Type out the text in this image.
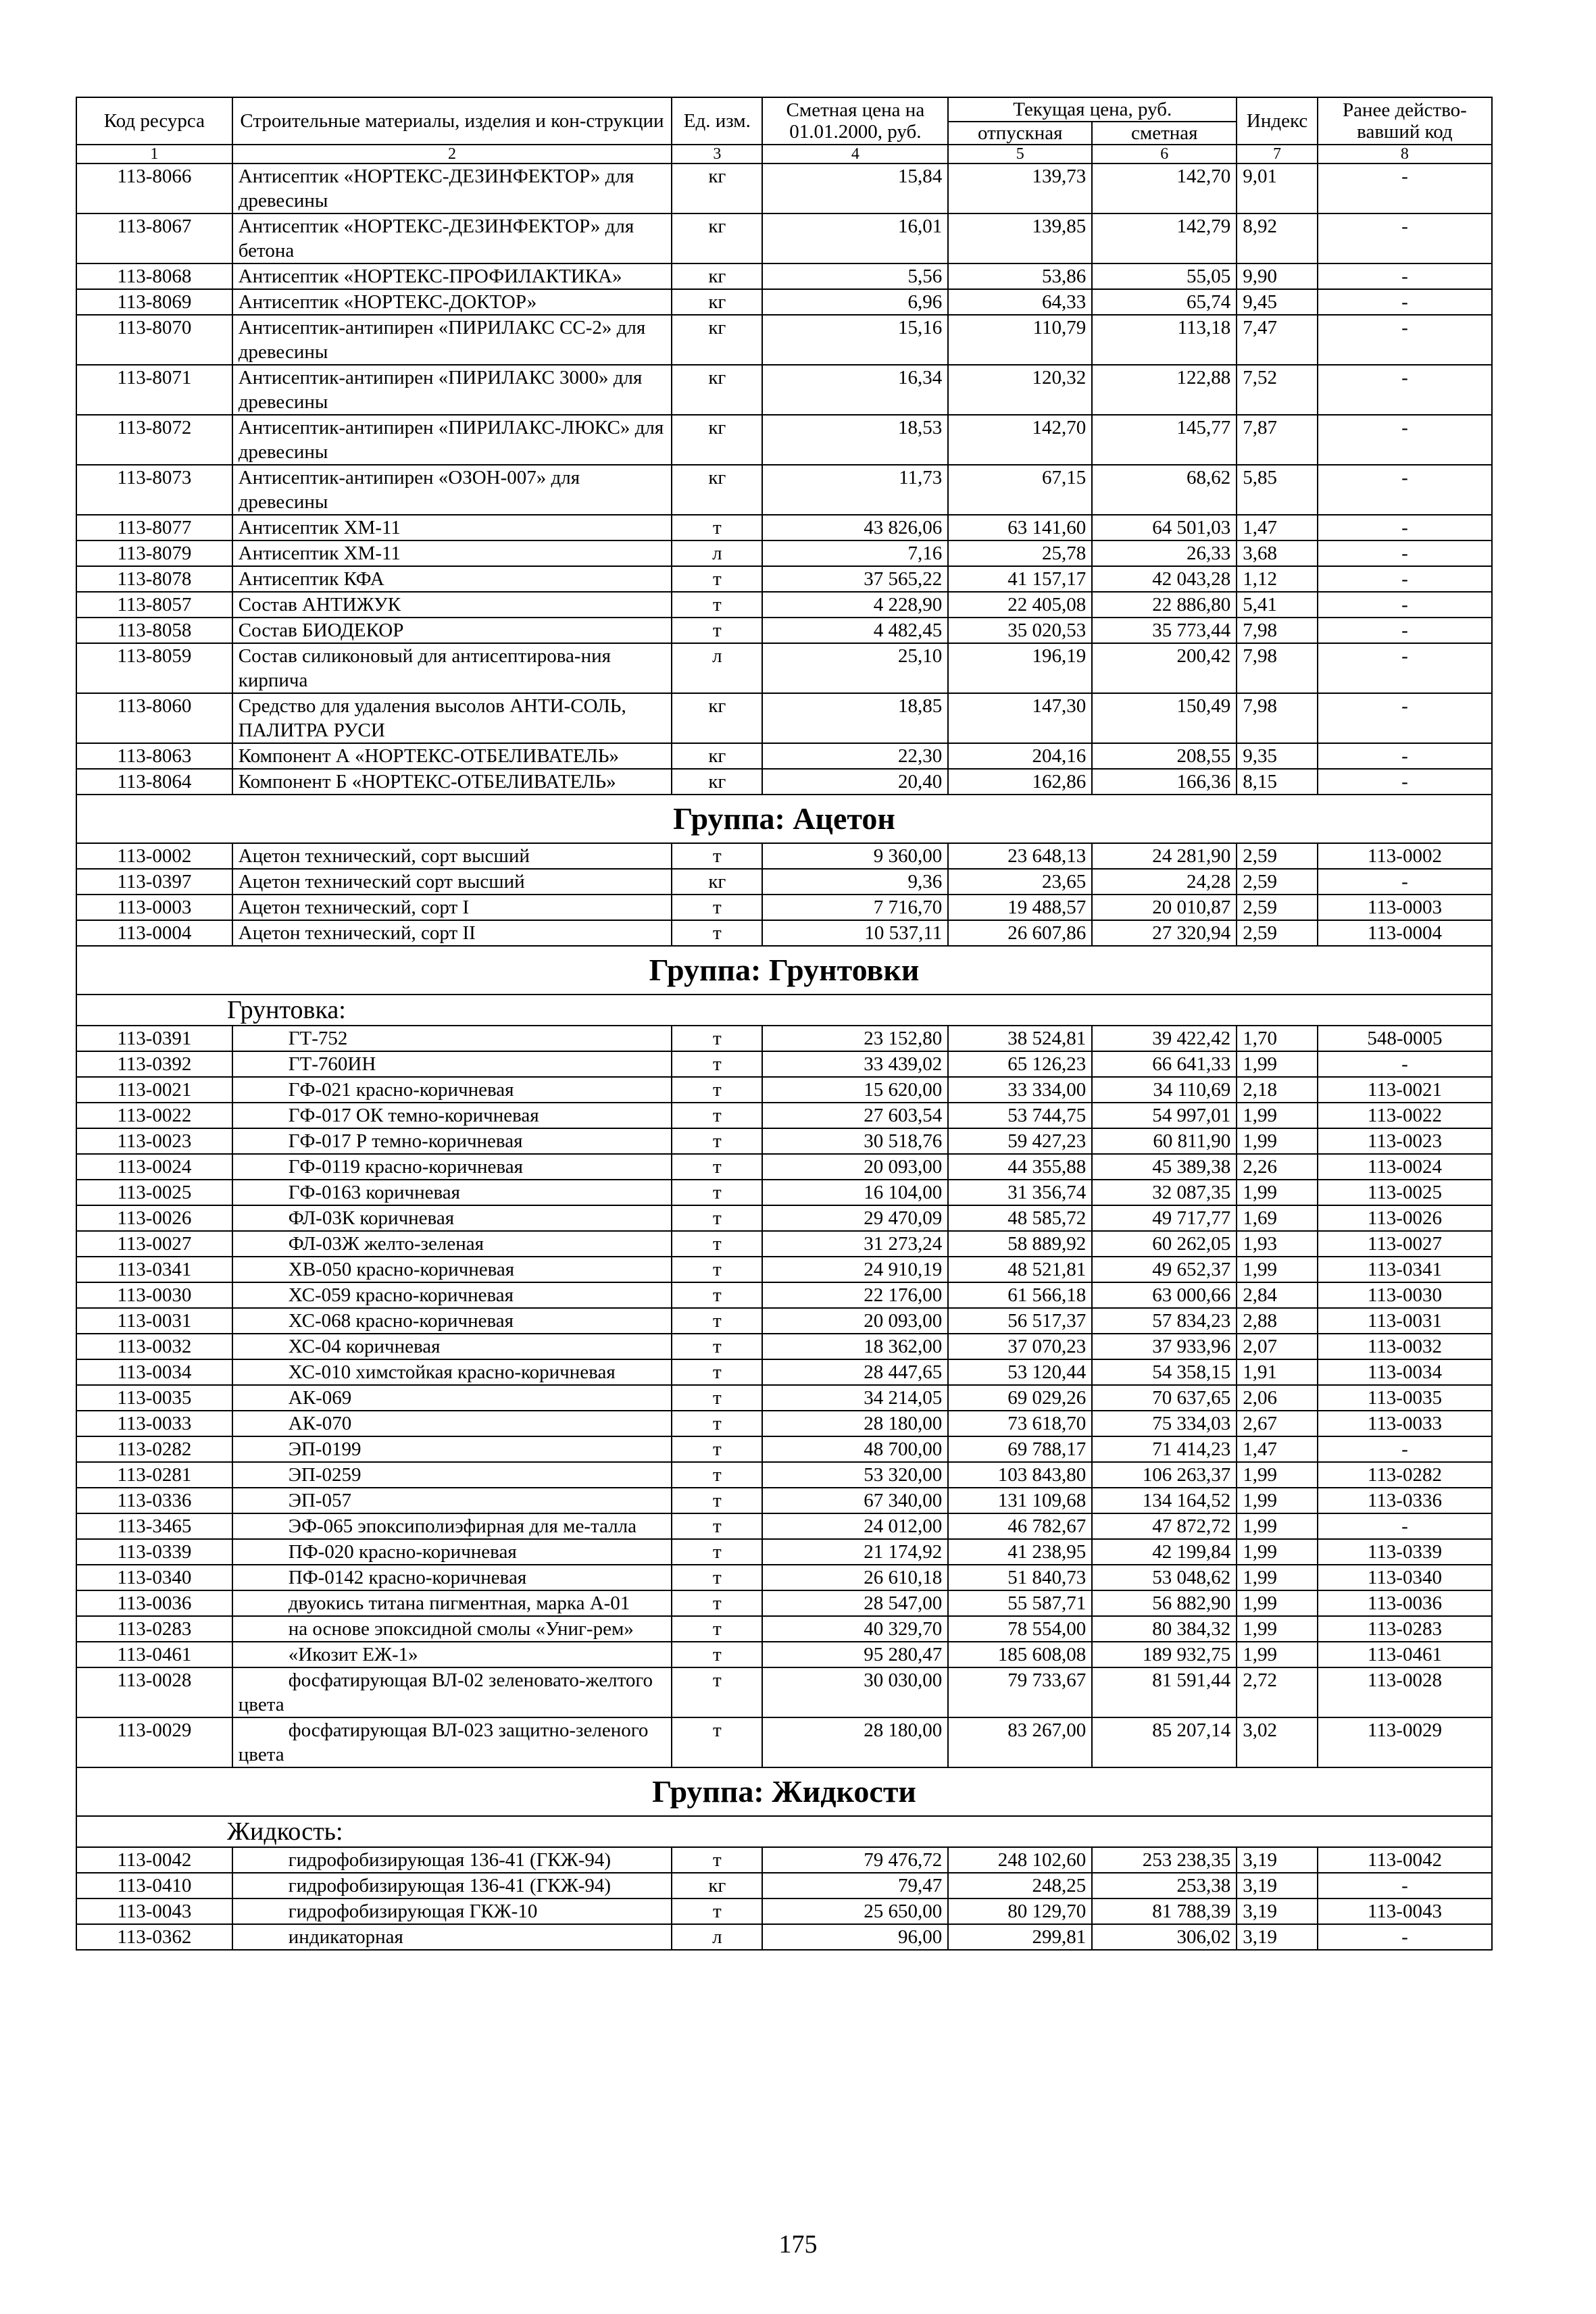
Код ресурса	Строительные материалы, изделия и кон-струкции	Ед. изм.	Сметная цена на 01.01.2000, руб.	Текущая цена, руб.		Индекс	Ранее действо-вавший код
				отпускная	сметная		
1	2	3	4	5	6	7	8
113-8066	Антисептик «НОРТЕКС-ДЕЗИНФЕКТОР» для древесины	кг	15,84	139,73	142,70	9,01	-
113-8067	Антисептик «НОРТЕКС-ДЕЗИНФЕКТОР» для бетона	кг	16,01	139,85	142,79	8,92	-
113-8068	Антисептик «НОРТЕКС-ПРОФИЛАКТИКА»	кг	5,56	53,86	55,05	9,90	-
113-8069	Антисептик «НОРТЕКС-ДОКТОР»	кг	6,96	64,33	65,74	9,45	-
113-8070	Антисептик-антипирен «ПИРИЛАКС СС-2» для древесины	кг	15,16	110,79	113,18	7,47	-
113-8071	Антисептик-антипирен «ПИРИЛАКС 3000» для древесины	кг	16,34	120,32	122,88	7,52	-
113-8072	Антисептик-антипирен «ПИРИЛАКС-ЛЮКС» для древесины	кг	18,53	142,70	145,77	7,87	-
113-8073	Антисептик-антипирен «ОЗОН-007» для древесины	кг	11,73	67,15	68,62	5,85	-
113-8077	Антисептик ХМ-11	т	43 826,06	63 141,60	64 501,03	1,47	-
113-8079	Антисептик ХМ-11	л	7,16	25,78	26,33	3,68	-
113-8078	Антисептик КФА	т	37 565,22	41 157,17	42 043,28	1,12	-
113-8057	Состав АНТИЖУК	т	4 228,90	22 405,08	22 886,80	5,41	-
113-8058	Состав БИОДЕКОР	т	4 482,45	35 020,53	35 773,44	7,98	-
113-8059	Состав силиконовый для антисептирова-ния кирпича	л	25,10	196,19	200,42	7,98	-
113-8060	Средство для удаления высолов АНТИ-СОЛЬ, ПАЛИТРА РУСИ	кг	18,85	147,30	150,49	7,98	-
113-8063	Компонент А «НОРТЕКС-ОТБЕЛИВАТЕЛЬ»	кг	22,30	204,16	208,55	9,35	-
113-8064	Компонент Б «НОРТЕКС-ОТБЕЛИВАТЕЛЬ»	кг	20,40	162,86	166,36	8,15	-
Группа: Ацетон							
113-0002	Ацетон технический, сорт высший	т	9 360,00	23 648,13	24 281,90	2,59	113-0002
113-0397	Ацетон технический сорт высший	кг	9,36	23,65	24,28	2,59	-
113-0003	Ацетон технический, сорт I	т	7 716,70	19 488,57	20 010,87	2,59	113-0003
113-0004	Ацетон технический, сорт II	т	10 537,11	26 607,86	27 320,94	2,59	113-0004
Группа: Грунтовки							
Грунтовка:							
113-0391	ГТ-752	т	23 152,80	38 524,81	39 422,42	1,70	548-0005
113-0392	ГТ-760ИН	т	33 439,02	65 126,23	66 641,33	1,99	-
113-0021	ГФ-021 красно-коричневая	т	15 620,00	33 334,00	34 110,69	2,18	113-0021
113-0022	ГФ-017 ОК темно-коричневая	т	27 603,54	53 744,75	54 997,01	1,99	113-0022
113-0023	ГФ-017 Р темно-коричневая	т	30 518,76	59 427,23	60 811,90	1,99	113-0023
113-0024	ГФ-0119 красно-коричневая	т	20 093,00	44 355,88	45 389,38	2,26	113-0024
113-0025	ГФ-0163 коричневая	т	16 104,00	31 356,74	32 087,35	1,99	113-0025
113-0026	ФЛ-03К коричневая	т	29 470,09	48 585,72	49 717,77	1,69	113-0026
113-0027	ФЛ-03Ж желто-зеленая	т	31 273,24	58 889,92	60 262,05	1,93	113-0027
113-0341	ХВ-050 красно-коричневая	т	24 910,19	48 521,81	49 652,37	1,99	113-0341
113-0030	ХС-059 красно-коричневая	т	22 176,00	61 566,18	63 000,66	2,84	113-0030
113-0031	ХС-068 красно-коричневая	т	20 093,00	56 517,37	57 834,23	2,88	113-0031
113-0032	ХС-04 коричневая	т	18 362,00	37 070,23	37 933,96	2,07	113-0032
113-0034	ХС-010 химстойкая красно-коричневая	т	28 447,65	53 120,44	54 358,15	1,91	113-0034
113-0035	АК-069	т	34 214,05	69 029,26	70 637,65	2,06	113-0035
113-0033	АК-070	т	28 180,00	73 618,70	75 334,03	2,67	113-0033
113-0282	ЭП-0199	т	48 700,00	69 788,17	71 414,23	1,47	-
113-0281	ЭП-0259	т	53 320,00	103 843,80	106 263,37	1,99	113-0282
113-0336	ЭП-057	т	67 340,00	131 109,68	134 164,52	1,99	113-0336
113-3465	ЭФ-065 эпоксиполиэфирная для ме-талла	т	24 012,00	46 782,67	47 872,72	1,99	-
113-0339	ПФ-020 красно-коричневая	т	21 174,92	41 238,95	42 199,84	1,99	113-0339
113-0340	ПФ-0142 красно-коричневая	т	26 610,18	51 840,73	53 048,62	1,99	113-0340
113-0036	двуокись титана пигментная, марка А-01	т	28 547,00	55 587,71	56 882,90	1,99	113-0036
113-0283	на основе эпоксидной смолы «Униг-рем»	т	40 329,70	78 554,00	80 384,32	1,99	113-0283
113-0461	«Икозит ЕЖ-1»	т	95 280,47	185 608,08	189 932,75	1,99	113-0461
113-0028	фосфатирующая ВЛ-02 зеленовато-желтого цвета	т	30 030,00	79 733,67	81 591,44	2,72	113-0028
113-0029	фосфатирующая ВЛ-023 защитно-зеленого цвета	т	28 180,00	83 267,00	85 207,14	3,02	113-0029
Группа: Жидкости							
Жидкость:							
113-0042	гидрофобизирующая 136-41 (ГКЖ-94)	т	79 476,72	248 102,60	253 238,35	3,19	113-0042
113-0410	гидрофобизирующая 136-41 (ГКЖ-94)	кг	79,47	248,25	253,38	3,19	-
113-0043	гидрофобизирующая ГКЖ-10	т	25 650,00	80 129,70	81 788,39	3,19	113-0043
113-0362	индикаторная	л	96,00	299,81	306,02	3,19	-
175
